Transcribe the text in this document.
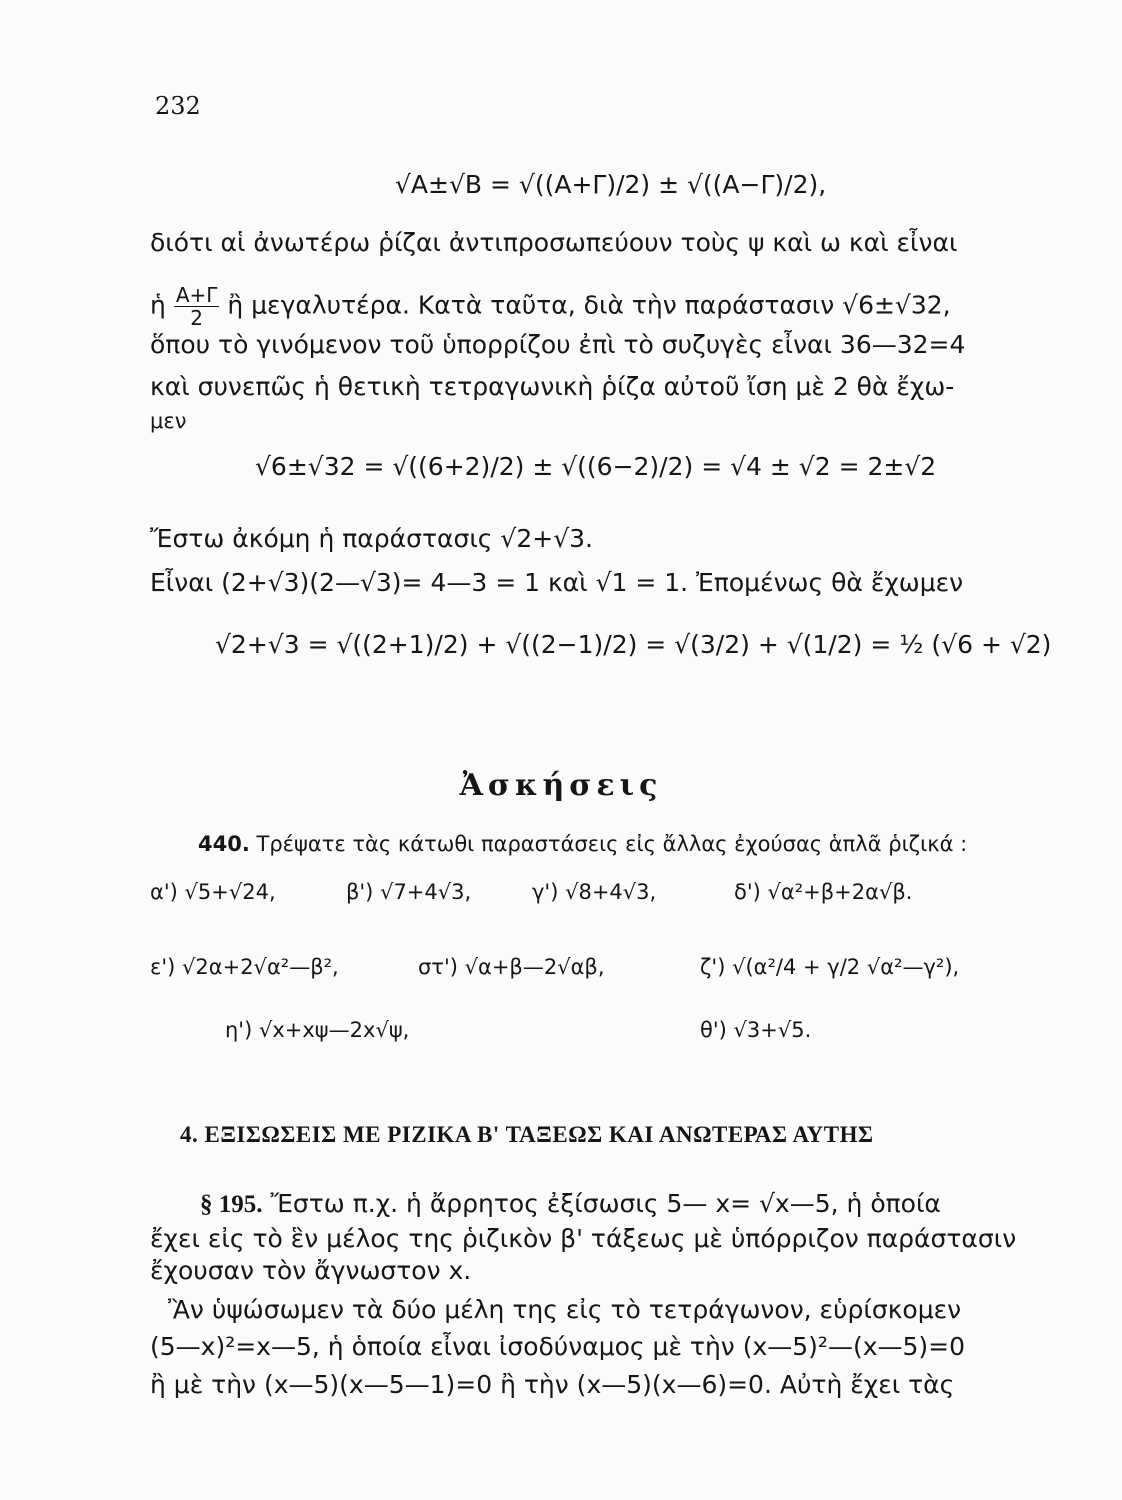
232
√A±√B = √((A+Γ)/2) ± √((A−Γ)/2),
διότι αἱ ἀνωτέρω ῥίζαι ἀντιπροσωπεύουν τοὺς ψ καὶ ω καὶ εἶναι
ἡ $\frac{A+\Gamma}{2}$ ἢ μεγαλυτέρα. Κατὰ ταῦτα, διὰ τὴν παράστασιν √6±√32,
ὅπου τὸ γινόμενον τοῦ ὑπορρίζου ἐπὶ τὸ συζυγὲς εἶναι 36—32=4
καὶ συνεπῶς ἡ θετικὴ τετραγωνικὴ ῥίζα αὐτοῦ ἴση μὲ 2 θὰ ἔχω-
μεν
√6±√32 = √((6+2)/2) ± √((6−2)/2) = √4 ± √2 = 2±√2
Ἔστω ἀκόμη ἡ παράστασις √2+√3.
Εἶναι (2+√3)(2—√3)= 4—3 = 1 καὶ √1 = 1. Ἐπομένως θὰ ἔχωμεν
√2+√3 = √((2+1)/2) + √((2−1)/2) = √(3/2) + √(1/2) = ½ (√6 + √2)
Ἀσκήσεις
440. Τρέψατε τὰς κάτωθι παραστάσεις εἰς ἄλλας ἐχούσας ἁπλᾶ ῥιζικά :
α') √5+√24,	β') √7+4√3,	γ') √8+4√3,	δ') √α²+β+2α√β.
ε') √2α+2√α²—β²,	στ') √α+β—2√αβ,	ζ') √(α²/4 + γ/2 √α²—γ²),
η') √x+xψ—2x√ψ,	θ') √3+√5.
4. ΕΞΙΣΩΣΕΙΣ ΜΕ ΡΙΖΙΚΑ Β' ΤΑΞΕΩΣ ΚΑΙ ΑΝΩΤΕΡΑΣ ΑΥΤΗΣ
§ 195. Ἔστω π.χ. ἡ ἄρρητος ἐξίσωσις 5— x= √x—5, ἡ ὁποία
ἔχει εἰς τὸ ἓν μέλος της ῥιζικὸν β' τάξεως μὲ ὑπόρριζον παράστασιν
ἔχουσαν τὸν ἄγνωστον x.
Ἂν ὑψώσωμεν τὰ δύο μέλη της εἰς τὸ τετράγωνον, εὑρίσκομεν
(5—x)²=x—5, ἡ ὁποία εἶναι ἰσοδύναμος μὲ τὴν (x—5)²—(x—5)=0
ἢ μὲ τὴν (x—5)(x—5—1)=0 ἢ τὴν (x—5)(x—6)=0. Αὐτὴ ἔχει τὰς
